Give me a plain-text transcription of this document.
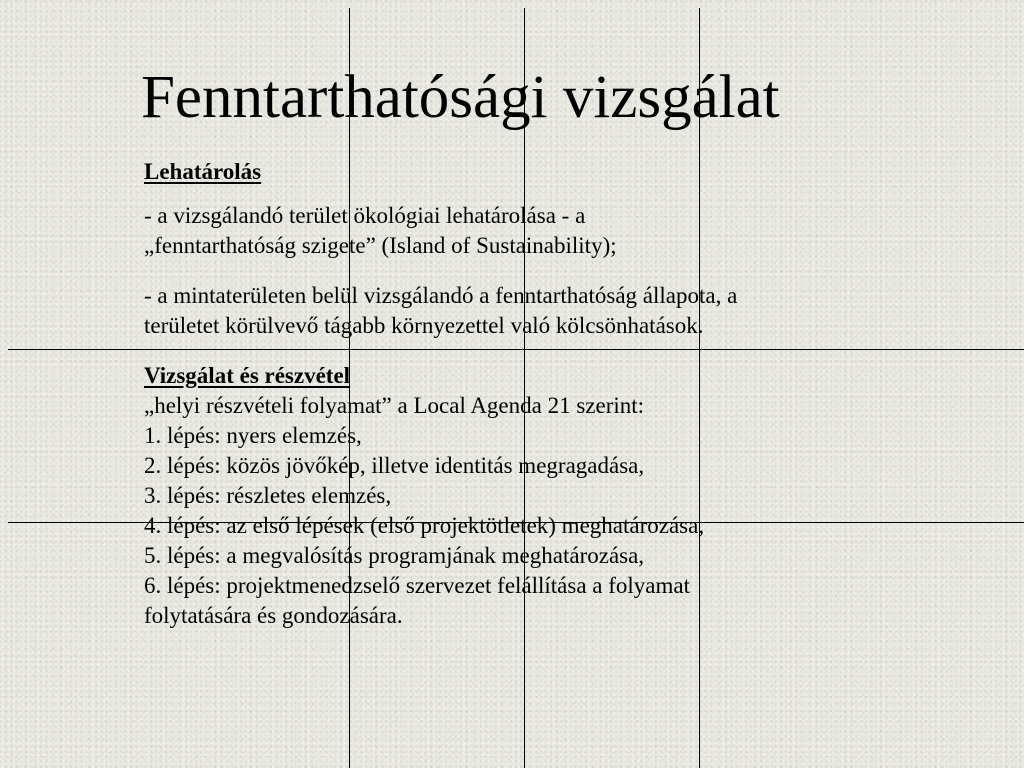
Fenntarthatósági vizsgálat
Lehatárolás

- a vizsgálandó terület ökológiai lehatárolása - a
„fenntarthatóság szigete” (Island of Sustainability);

- a mintaterületen belül vizsgálandó a fenntarthatóság állapota, a
területet körülvevő tágabb környezettel való kölcsönhatások.

Vizsgálat és részvétel
„helyi részvételi folyamat” a Local Agenda 21 szerint:
1. lépés: nyers elemzés,
2. lépés: közös jövőkép, illetve identitás megragadása,
3. lépés: részletes elemzés,
4. lépés: az első lépések (első projektötletek) meghatározása,
5. lépés: a megvalósítás programjának meghatározása,
6. lépés: projektmenedzselő szervezet felállítása a folyamat
folytatására és gondozására.
